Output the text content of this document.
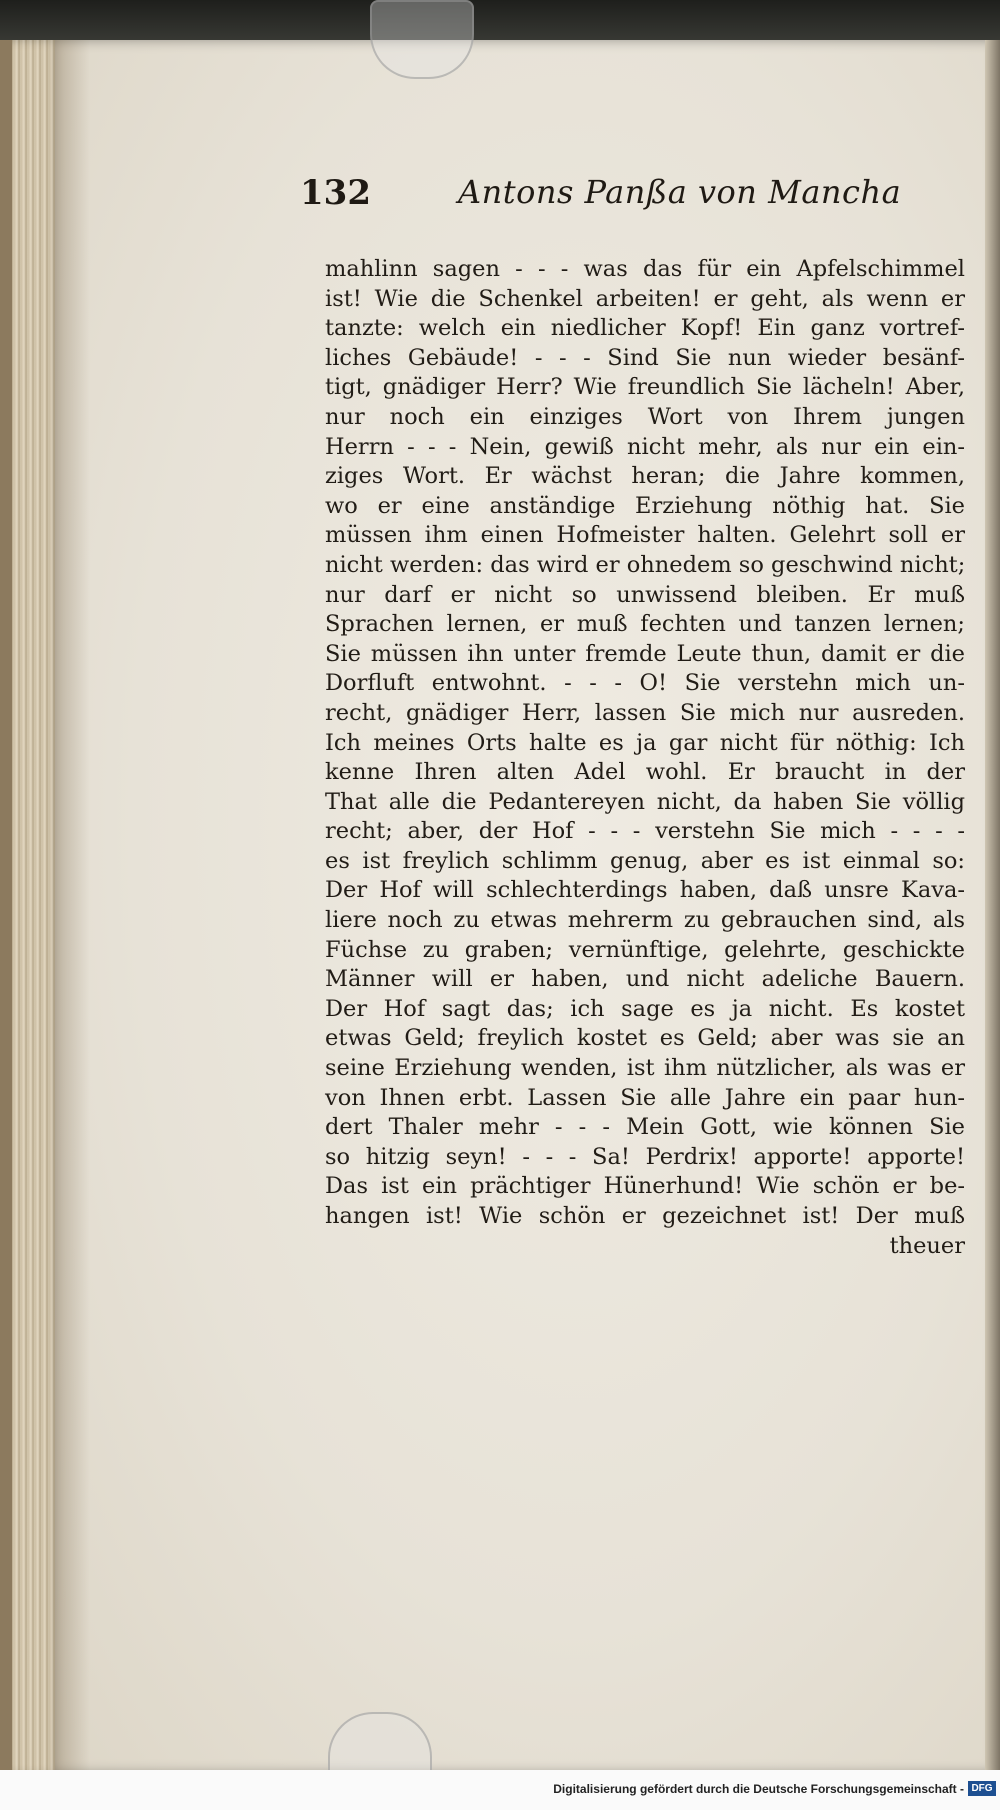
132	Antons Panßa von Mancha
mahlinn sagen - - - was das für ein Apfelschimmel
ist! Wie die Schenkel arbeiten! er geht, als wenn er
tanzte: welch ein niedlicher Kopf! Ein ganz vortref-
liches Gebäude! - - - Sind Sie nun wieder besänf-
tigt, gnädiger Herr? Wie freundlich Sie lächeln! Aber,
nur noch ein einziges Wort von Ihrem jungen
Herrn - - - Nein, gewiß nicht mehr, als nur ein ein-
ziges Wort. Er wächst heran; die Jahre kommen,
wo er eine anständige Erziehung nöthig hat. Sie
müssen ihm einen Hofmeister halten. Gelehrt soll er
nicht werden: das wird er ohnedem so geschwind nicht;
nur darf er nicht so unwissend bleiben. Er muß
Sprachen lernen, er muß fechten und tanzen lernen;
Sie müssen ihn unter fremde Leute thun, damit er die
Dorfluft entwohnt. - - - O! Sie verstehn mich un-
recht, gnädiger Herr, lassen Sie mich nur ausreden.
Ich meines Orts halte es ja gar nicht für nöthig: Ich
kenne Ihren alten Adel wohl. Er braucht in der
That alle die Pedantereyen nicht, da haben Sie völlig
recht; aber, der Hof - - - verstehn Sie mich - - - -
es ist freylich schlimm genug, aber es ist einmal so:
Der Hof will schlechterdings haben, daß unsre Kava-
liere noch zu etwas mehrerm zu gebrauchen sind, als
Füchse zu graben; vernünftige, gelehrte, geschickte
Männer will er haben, und nicht adeliche Bauern.
Der Hof sagt das; ich sage es ja nicht. Es kostet
etwas Geld; freylich kostet es Geld; aber was sie an
seine Erziehung wenden, ist ihm nützlicher, als was er
von Ihnen erbt. Lassen Sie alle Jahre ein paar hun-
dert Thaler mehr - - - Mein Gott, wie können Sie
so hitzig seyn! - - - Sa! Perdrix! apporte! apporte!
Das ist ein prächtiger Hünerhund! Wie schön er be-
hangen ist! Wie schön er gezeichnet ist! Der muß
theuer
Digitalisierung gefördert durch die Deutsche Forschungsgemeinschaft - DFG
